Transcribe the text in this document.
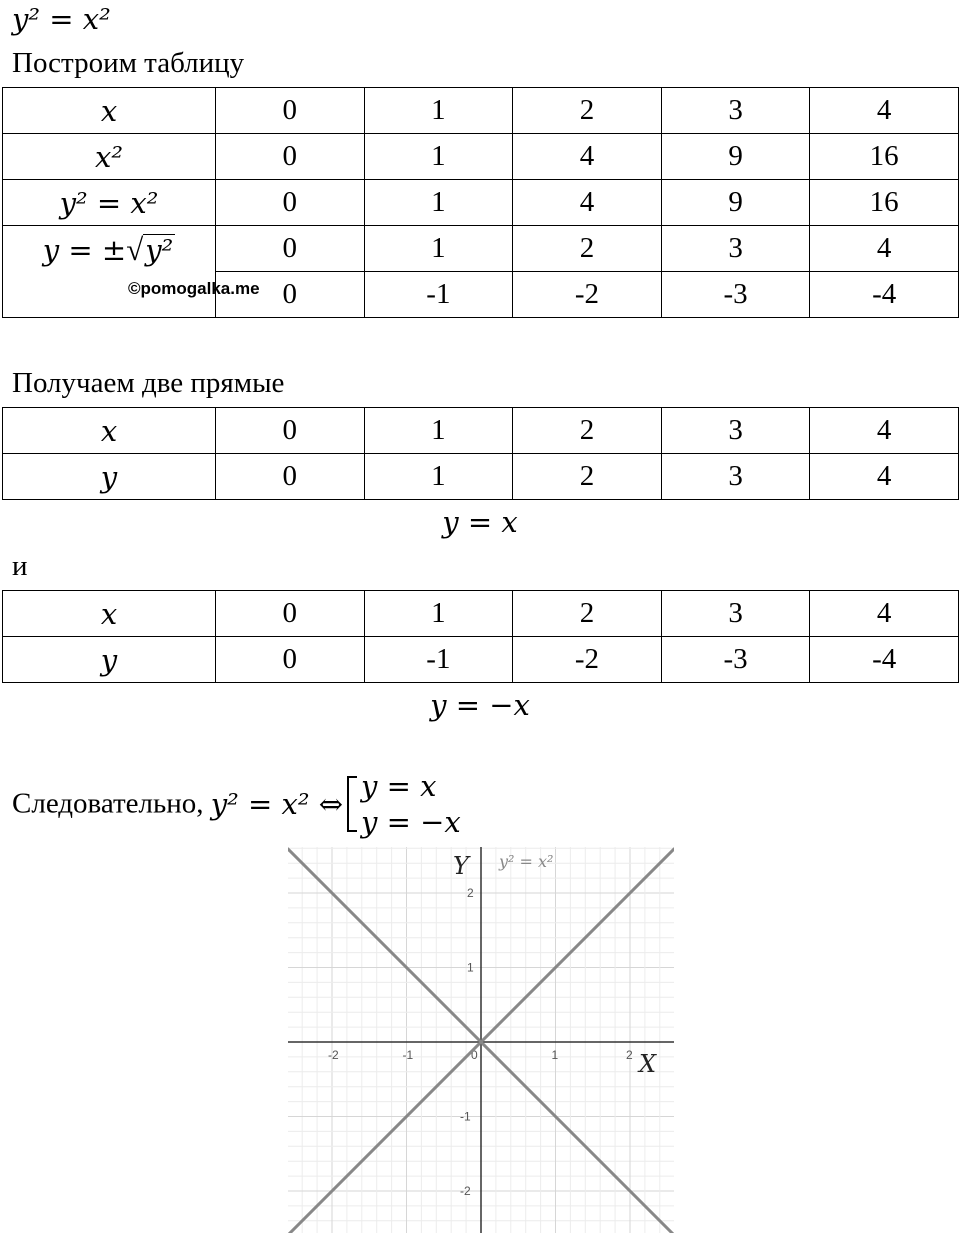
y² = x²
Построим таблицу
x	0	1	2	3	4
x²	0	1	4	9	16
y² = x²	0	1	4	9	16
y = ±√y²	0	1	2	3	4
	0	-1	-2	-3	-4
©pomogalka.me
Получаем две прямые
x	0	1	2	3	4
y	0	1	2	3	4
y = x
и
x	0	1	2	3	4
y	0	-1	-2	-3	-4
y = −x
Следовательно, y² = x² ⇔
y = x
y = −x
-2	-1	0	1	2
2
1
-1
-2
X
Y y² = x²
